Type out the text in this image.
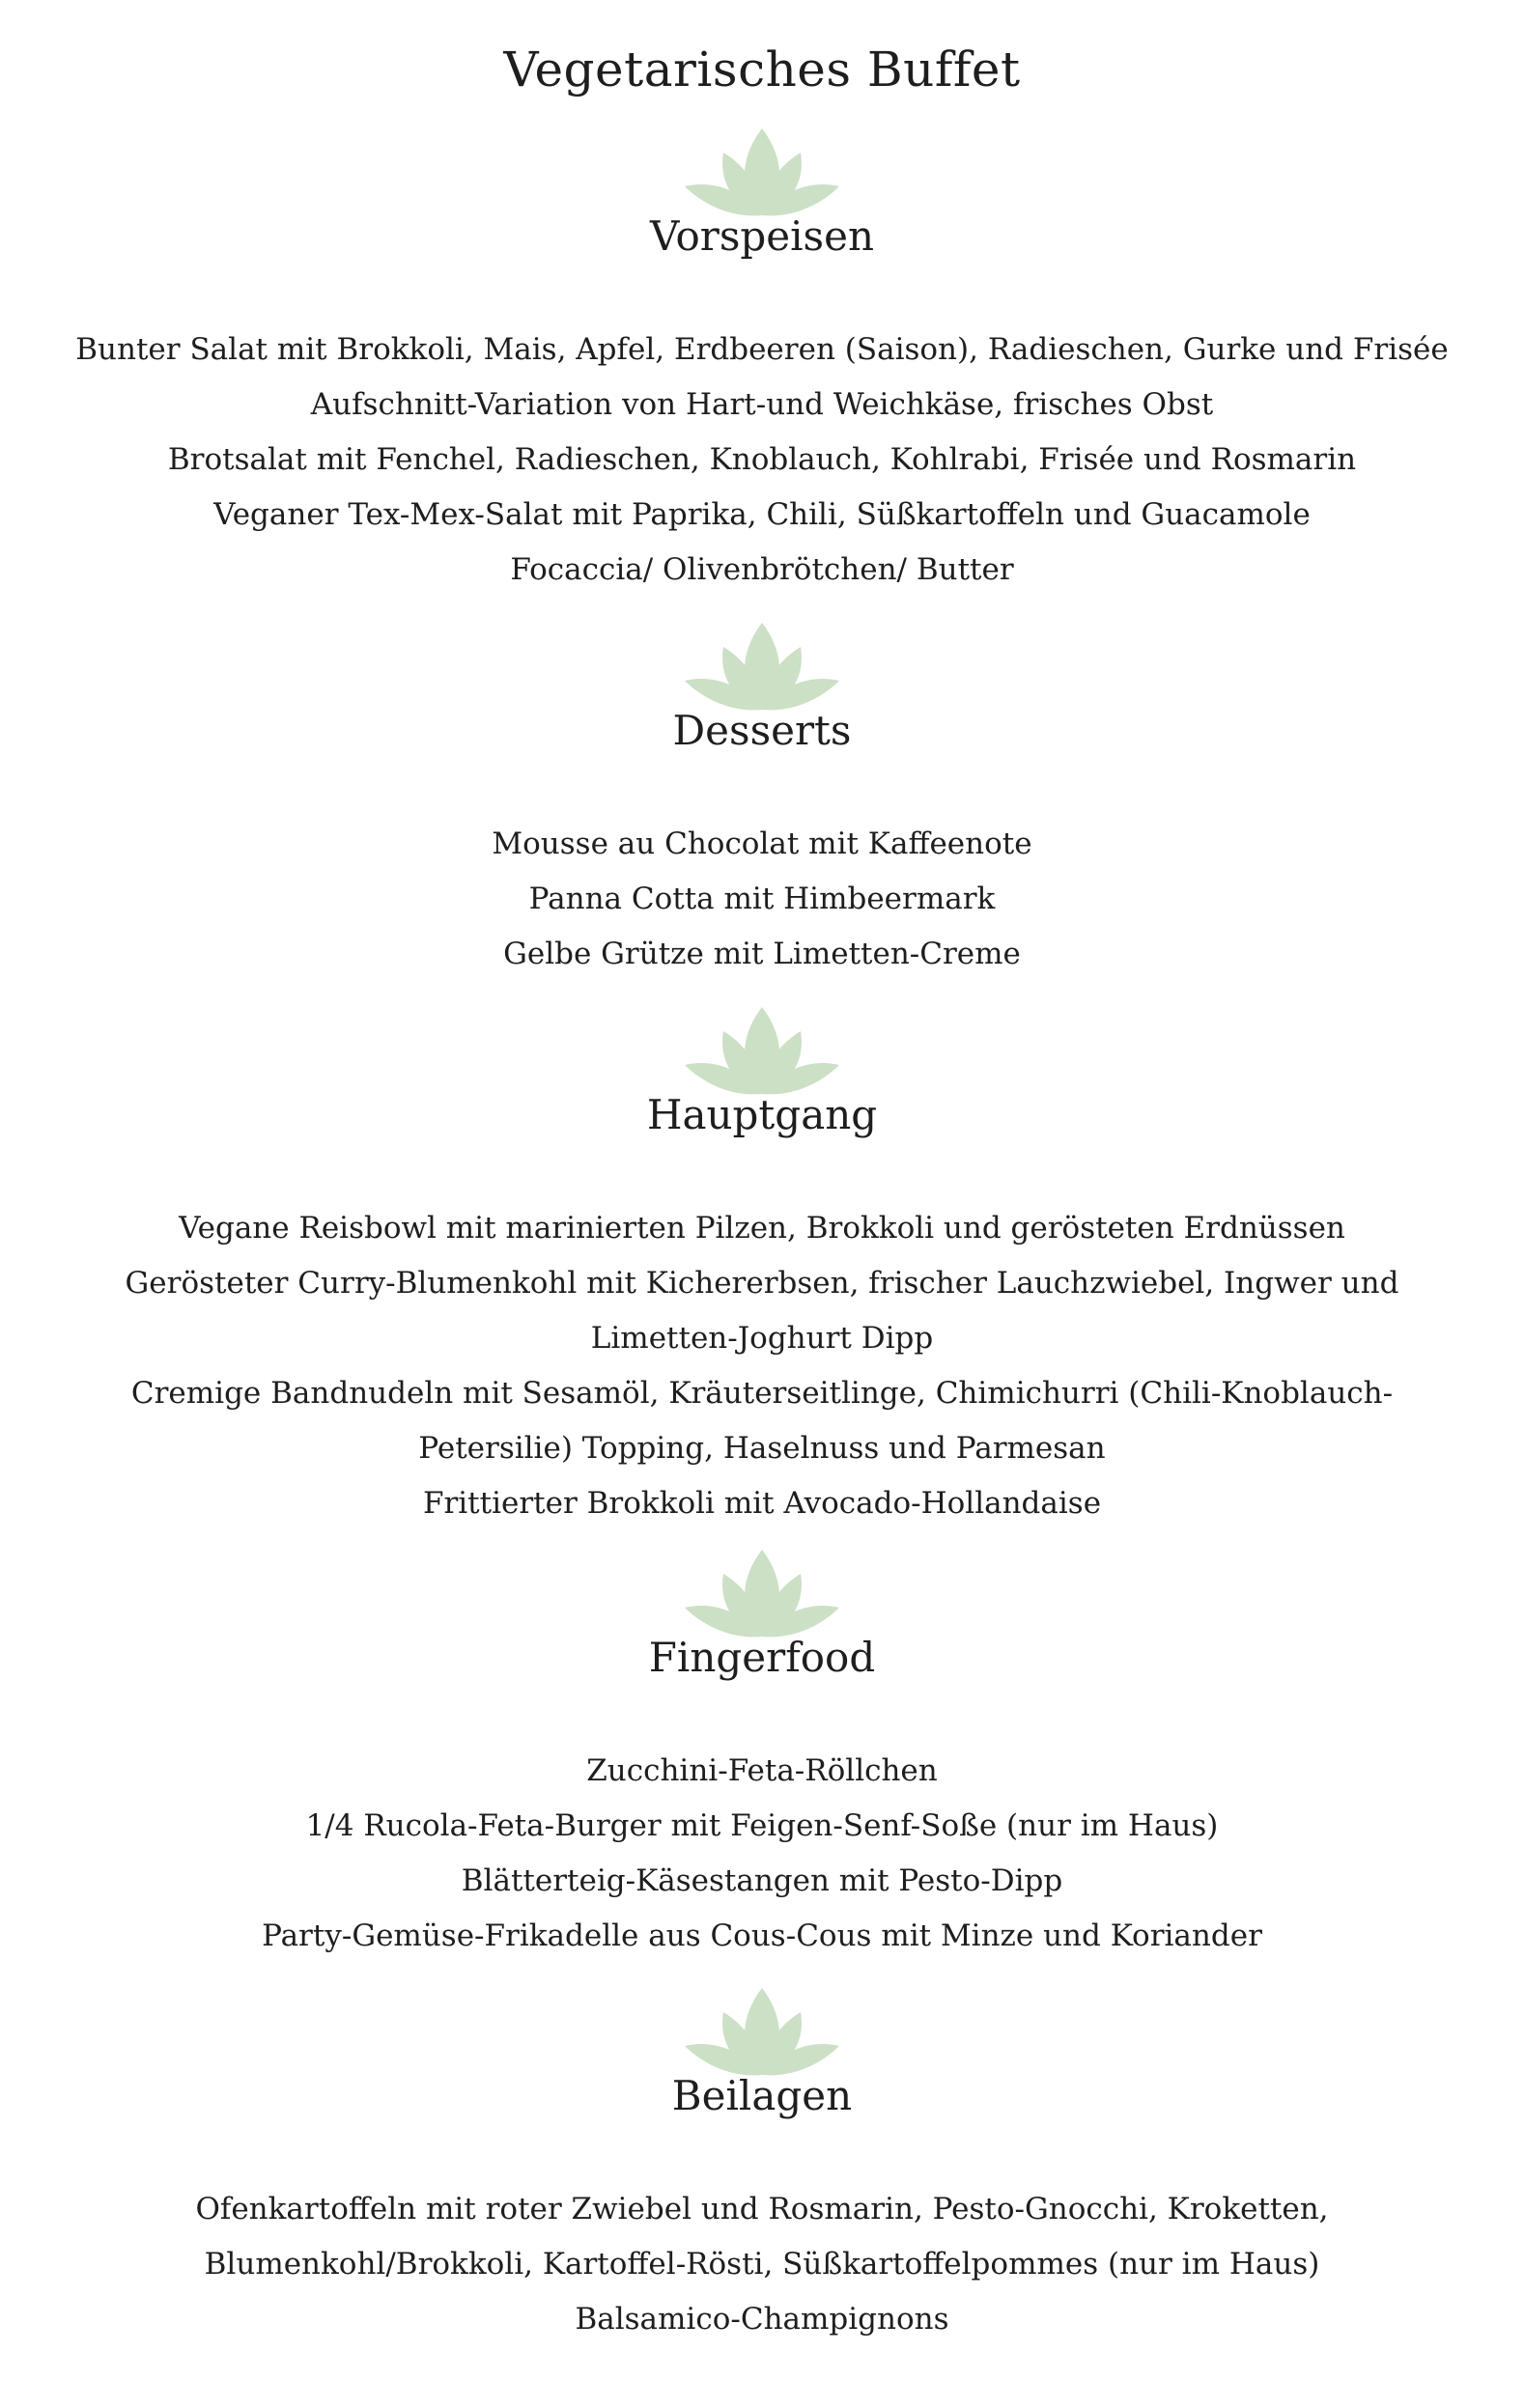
Vegetarisches Buffet
Vorspeisen
Bunter Salat mit Brokkoli, Mais, Apfel, Erdbeeren (Saison), Radieschen, Gurke und Frisée
Aufschnitt-Variation von Hart-und Weichkäse, frisches Obst
Brotsalat mit Fenchel, Radieschen, Knoblauch, Kohlrabi, Frisée und Rosmarin
Veganer Tex-Mex-Salat mit Paprika, Chili, Süßkartoffeln und Guacamole
Focaccia/ Olivenbrötchen/ Butter
Desserts
Mousse au Chocolat mit Kaffeenote
Panna Cotta mit Himbeermark
Gelbe Grütze mit Limetten-Creme
Hauptgang
Vegane Reisbowl mit marinierten Pilzen, Brokkoli und gerösteten Erdnüssen
Gerösteter Curry-Blumenkohl mit Kichererbsen, frischer Lauchzwiebel, Ingwer und
Limetten-Joghurt Dipp
Cremige Bandnudeln mit Sesamöl, Kräuterseitlinge, Chimichurri (Chili-Knoblauch-
Petersilie) Topping, Haselnuss und Parmesan
Frittierter Brokkoli mit Avocado-Hollandaise
Fingerfood
Zucchini-Feta-Röllchen
1/4 Rucola-Feta-Burger mit Feigen-Senf-Soße (nur im Haus)
Blätterteig-Käsestangen mit Pesto-Dipp
Party-Gemüse-Frikadelle aus Cous-Cous mit Minze und Koriander
Beilagen
Ofenkartoffeln mit roter Zwiebel und Rosmarin, Pesto-Gnocchi, Kroketten,
Blumenkohl/Brokkoli, Kartoffel-Rösti, Süßkartoffelpommes (nur im Haus)
Balsamico-Champignons
